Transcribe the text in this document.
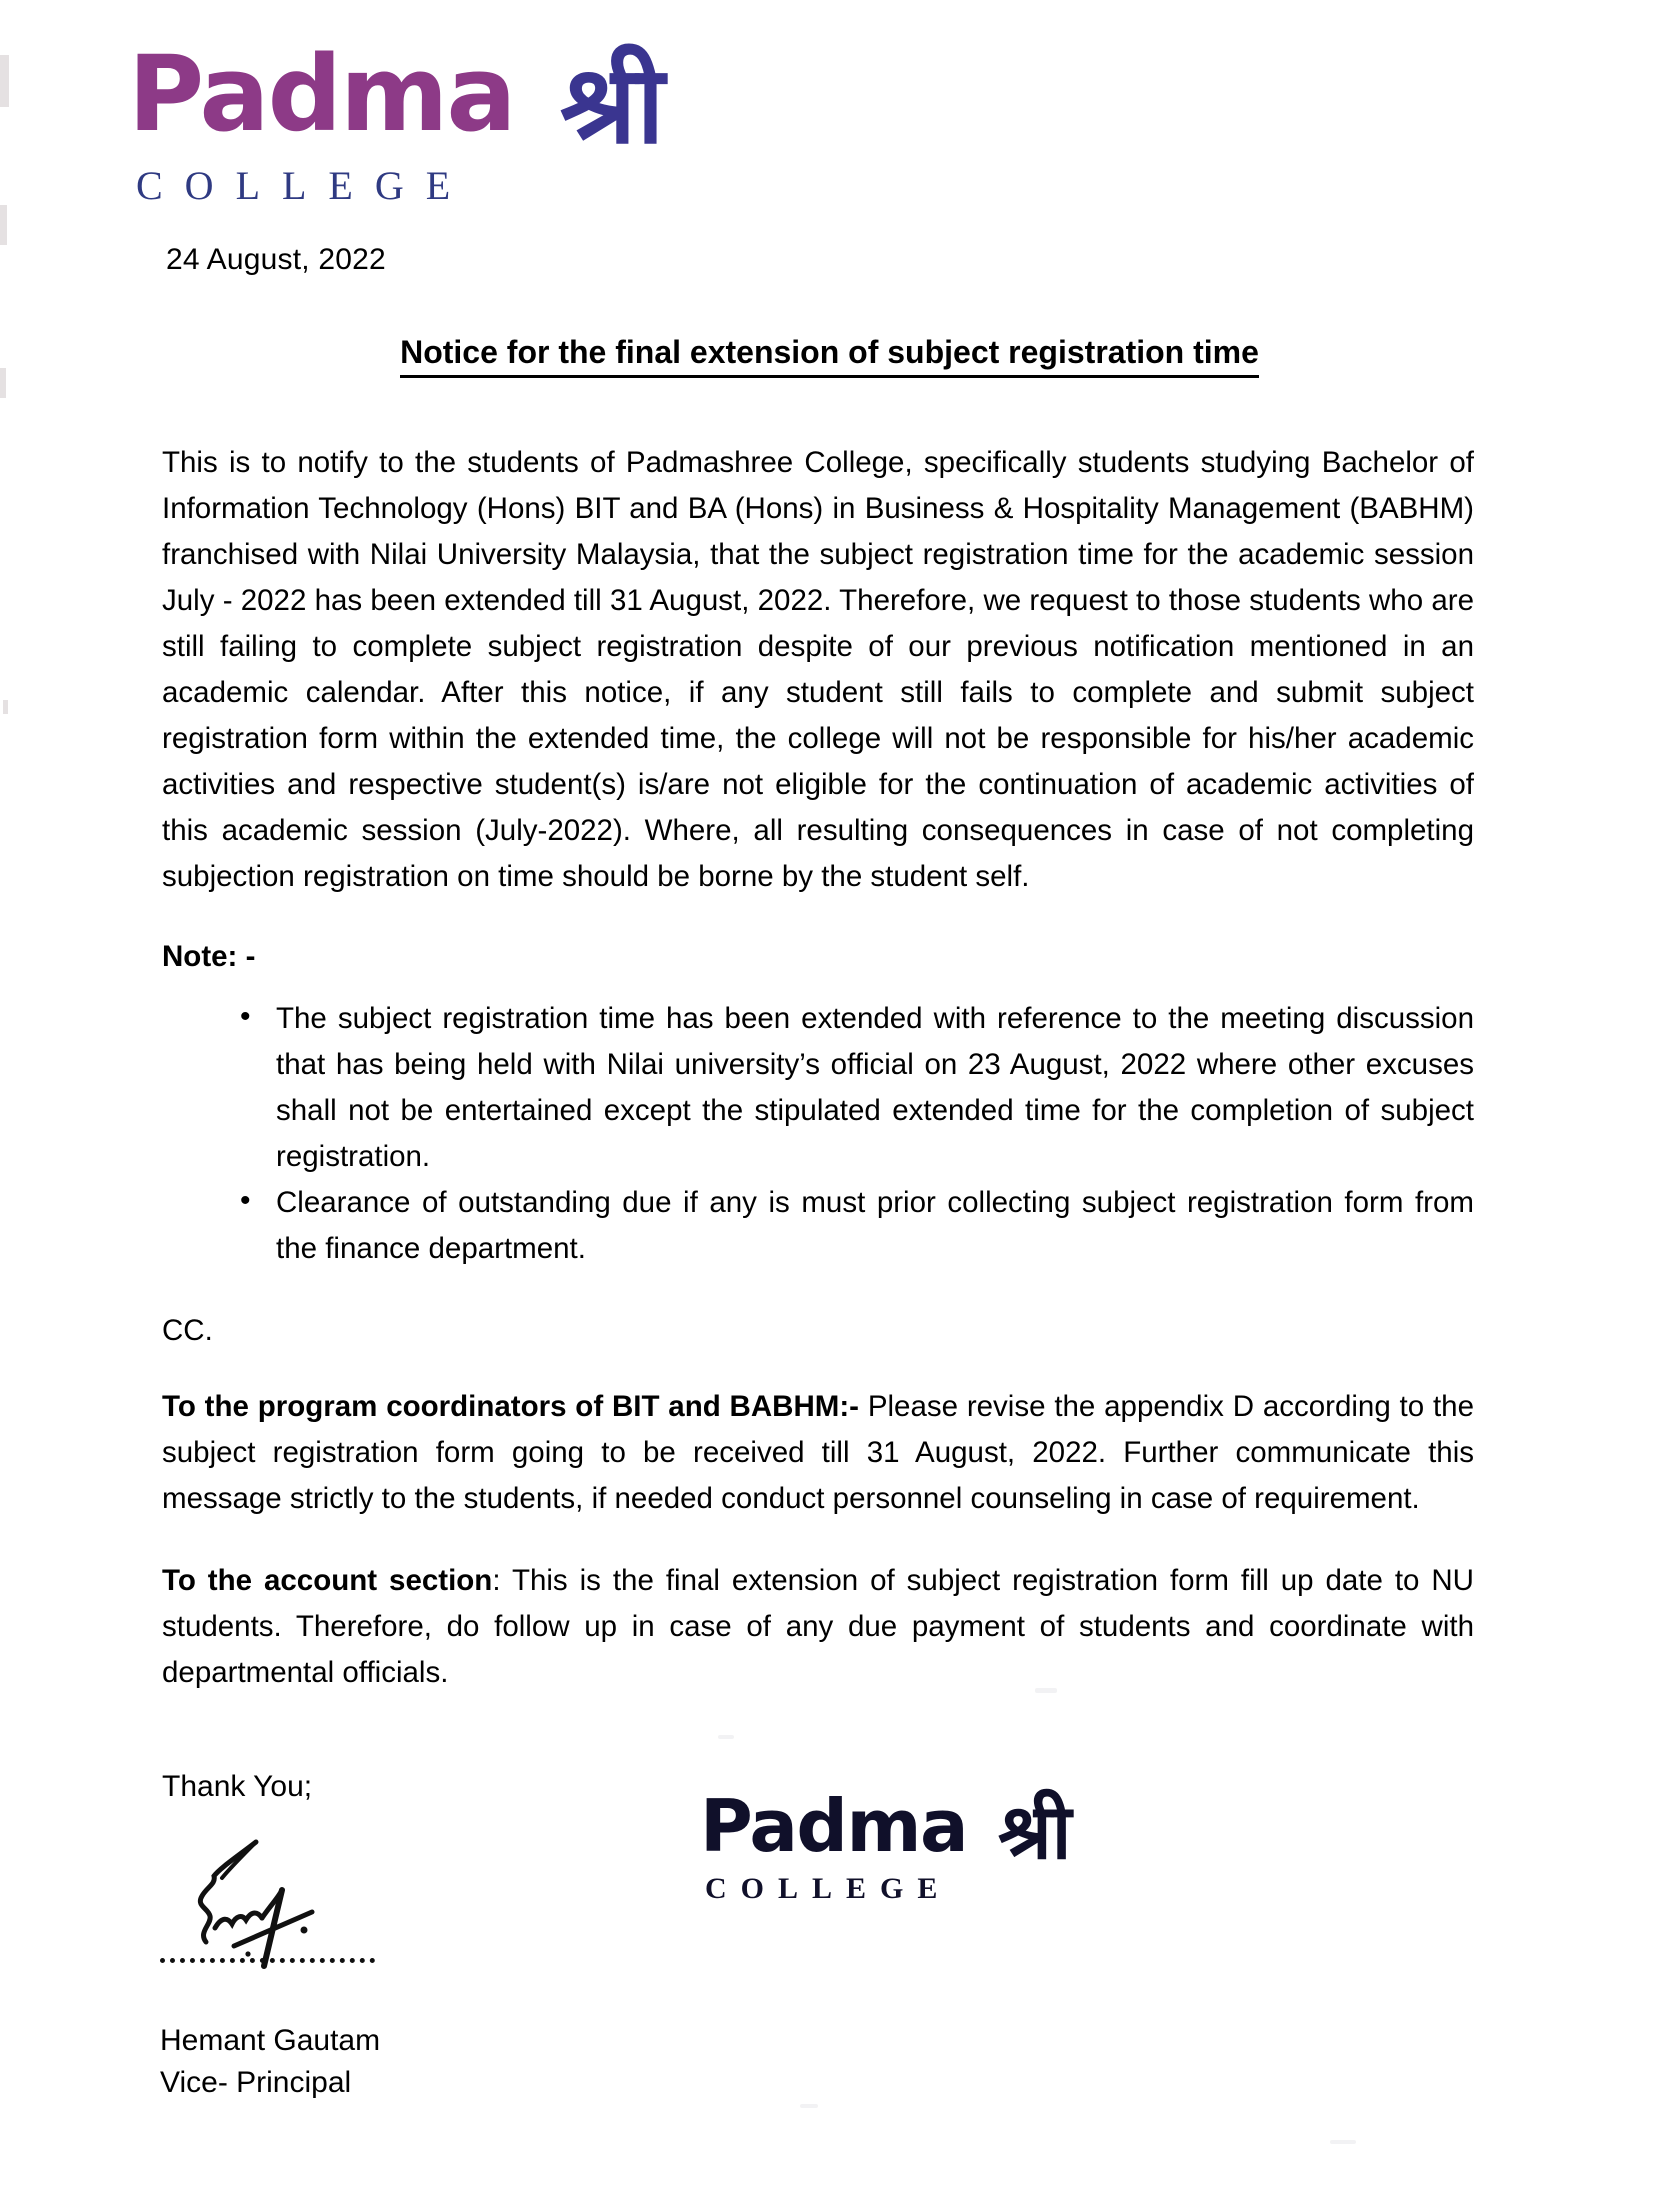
Padma श्री
COLLEGE
24 August, 2022
Notice for the final extension of subject registration time

This is to notify to the students of Padmashree College, specifically students studying Bachelor of Information Technology (Hons) BIT and BA (Hons) in Business & Hospitality Management (BABHM) franchised with Nilai University Malaysia, that the subject registration time for the academic session July - 2022 has been extended till 31 August, 2022. Therefore, we request to those students who are still failing to complete subject registration despite of our previous notification mentioned in an academic calendar. After this notice, if any student still fails to complete and submit subject registration form within the extended time, the college will not be responsible for his/her academic activities and respective student(s) is/are not eligible for the continuation of academic activities of this academic session (July-2022). Where, all resulting consequences in case of not completing subjection registration on time should be borne by the student self.

Note: -
• The subject registration time has been extended with reference to the meeting discussion that has being held with Nilai university’s official on 23 August, 2022 where other excuses shall not be entertained except the stipulated extended time for the completion of subject registration.
• Clearance of outstanding due if any is must prior collecting subject registration form from the finance department.
CC.

To the program coordinators of BIT and BABHM:- Please revise the appendix D according to the subject registration form going to be received till 31 August, 2022. Further communicate this message strictly to the students, if needed conduct personnel counseling in case of requirement.

To the account section: This is the final extension of subject registration form fill up date to NU students. Therefore, do follow up in case of any due payment of students and coordinate with departmental officials.

Thank You;
Hemant Gautam
Vice- Principal
Padma श्री
COLLEGE
